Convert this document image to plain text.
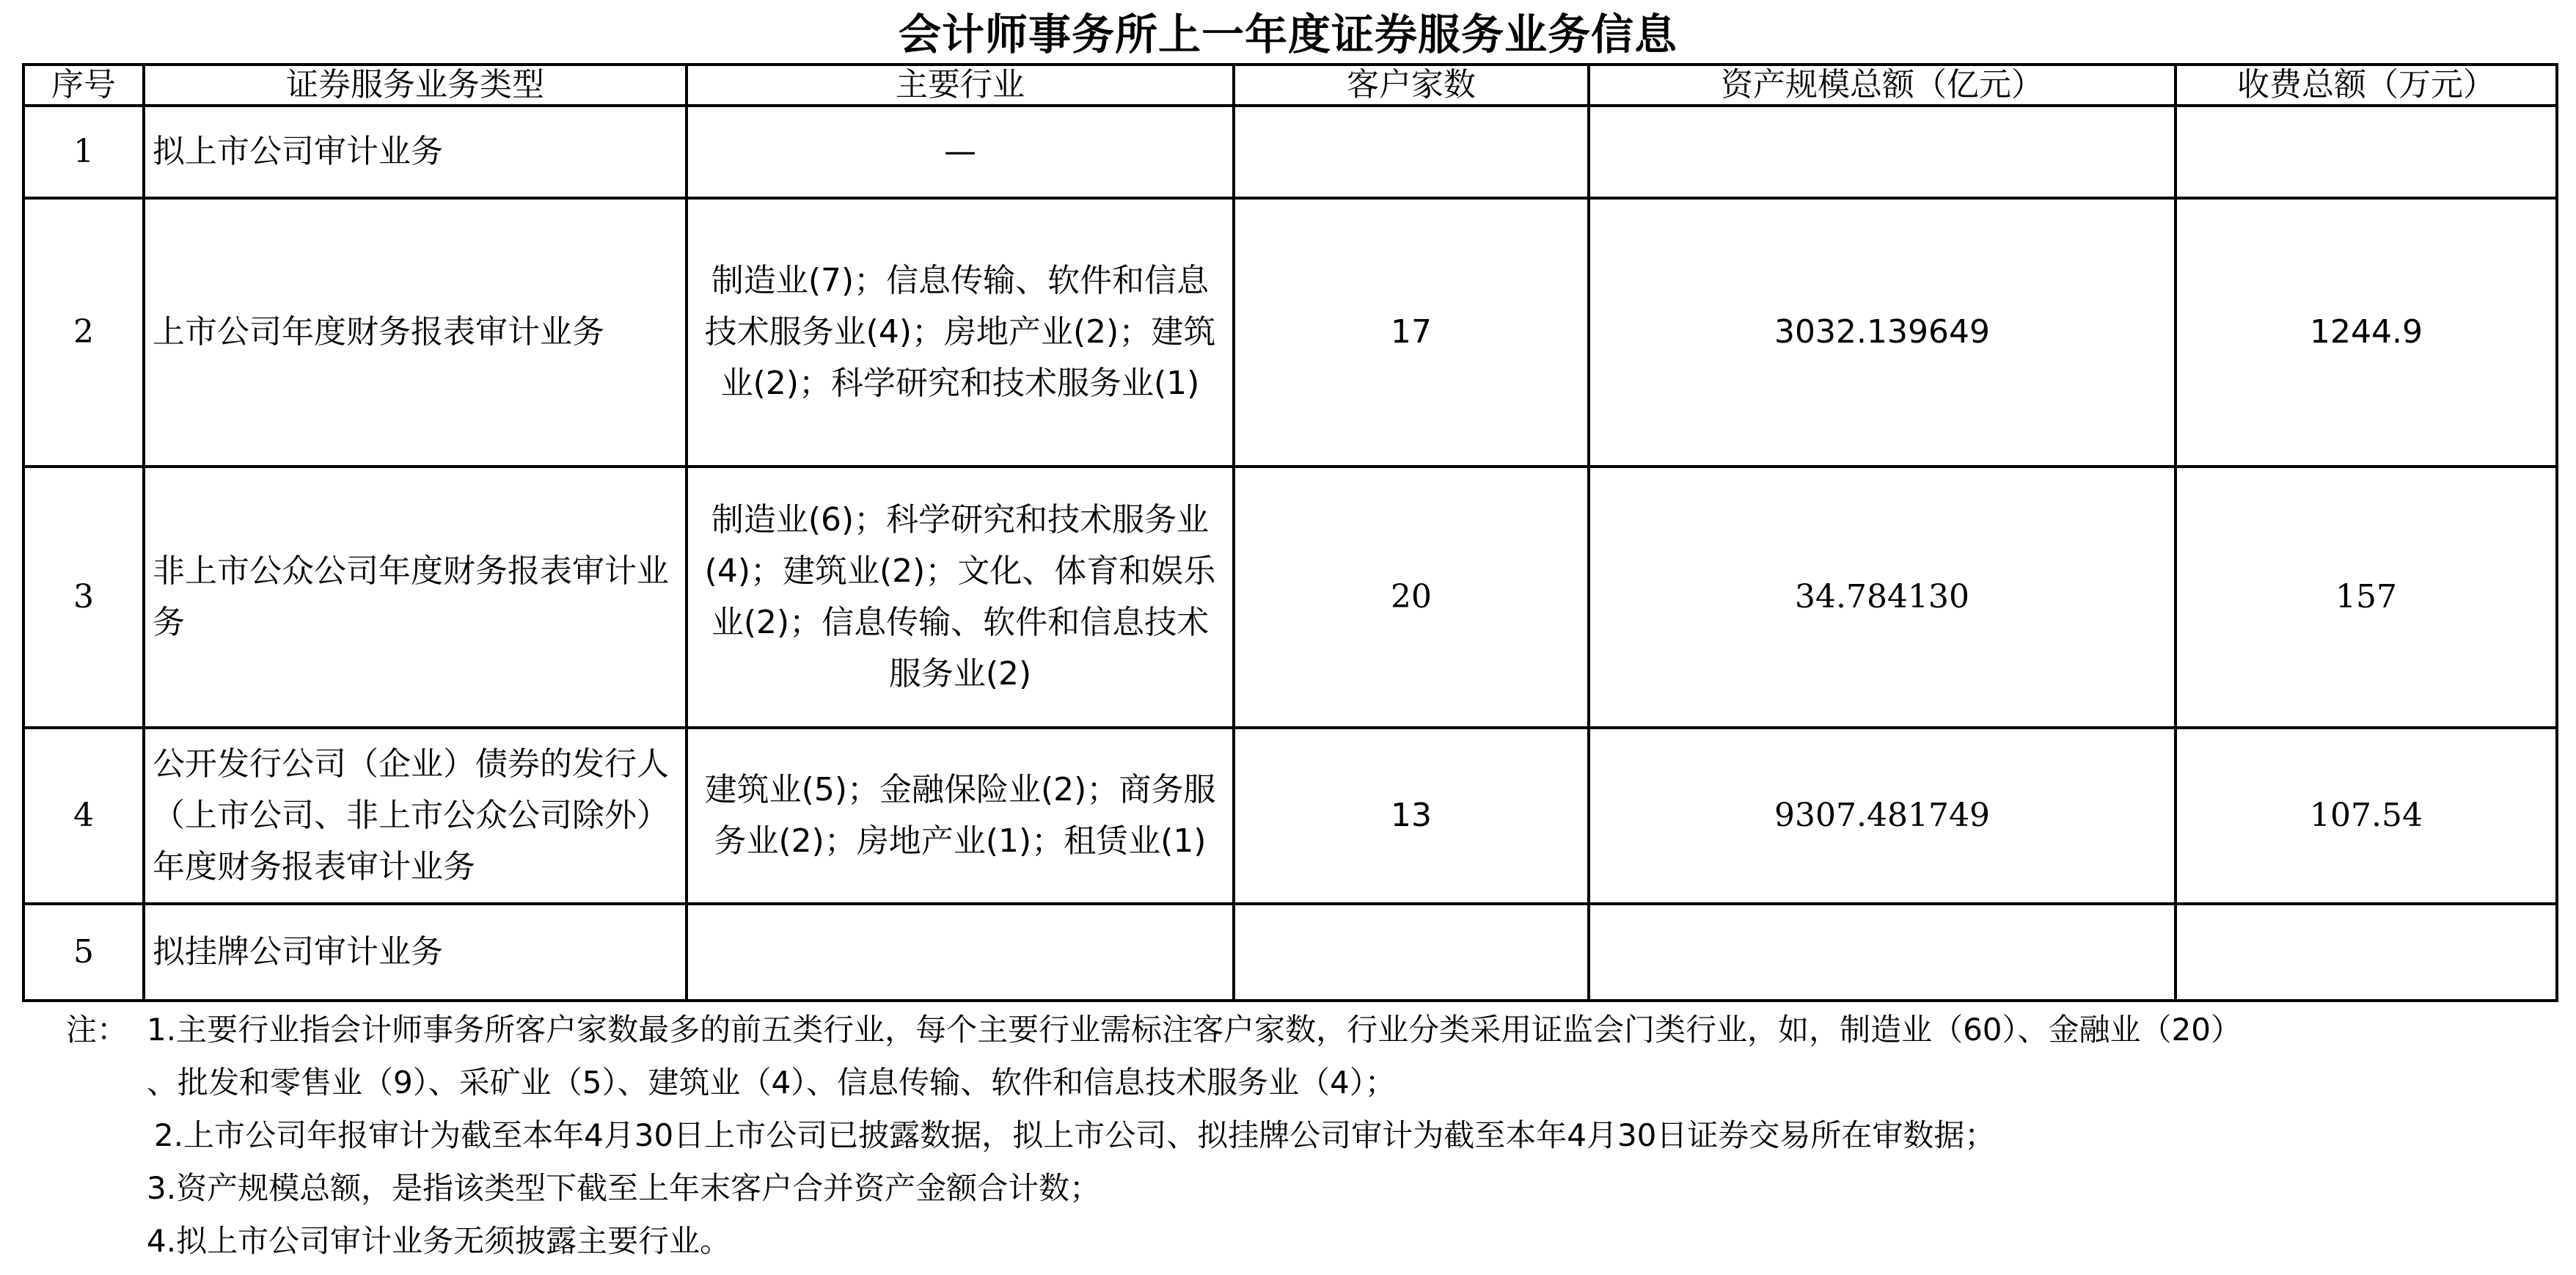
会计师事务所上一年度证券服务业务信息
序号	证券服务业务类型	主要行业	客户家数	资产规模总额（亿元）	收费总额（万元）
1	拟上市公司审计业务	—			
2	上市公司年度财务报表审计业务	制造业(7)；信息传输、软件和信息技术服务业(4)；房地产业(2)；建筑业(2)；科学研究和技术服务业(1)	17	3032.139649	1244.9
3	非上市公众公司年度财务报表审计业务	制造业(6)；科学研究和技术服务业(4)；建筑业(2)；文化、体育和娱乐业(2)；信息传输、软件和信息技术服务业(2)	20	34.784130	157
4	公开发行公司（企业）债券的发行人（上市公司、非上市公众公司除外）年度财务报表审计业务	建筑业(5)；金融保险业(2)；商务服务业(2)；房地产业(1)；租赁业(1)	13	9307.481749	107.54
5	拟挂牌公司审计业务				
注： 1.主要行业指会计师事务所客户家数最多的前五类行业，每个主要行业需标注客户家数，行业分类采用证监会门类行业，如，制造业（60）、金融业（20）
、批发和零售业（9）、采矿业（5）、建筑业（4）、信息传输、软件和信息技术服务业（4）；
2.上市公司年报审计为截至本年4月30日上市公司已披露数据，拟上市公司、拟挂牌公司审计为截至本年4月30日证券交易所在审数据；
3.资产规模总额，是指该类型下截至上年末客户合并资产金额合计数；
4.拟上市公司审计业务无须披露主要行业。
